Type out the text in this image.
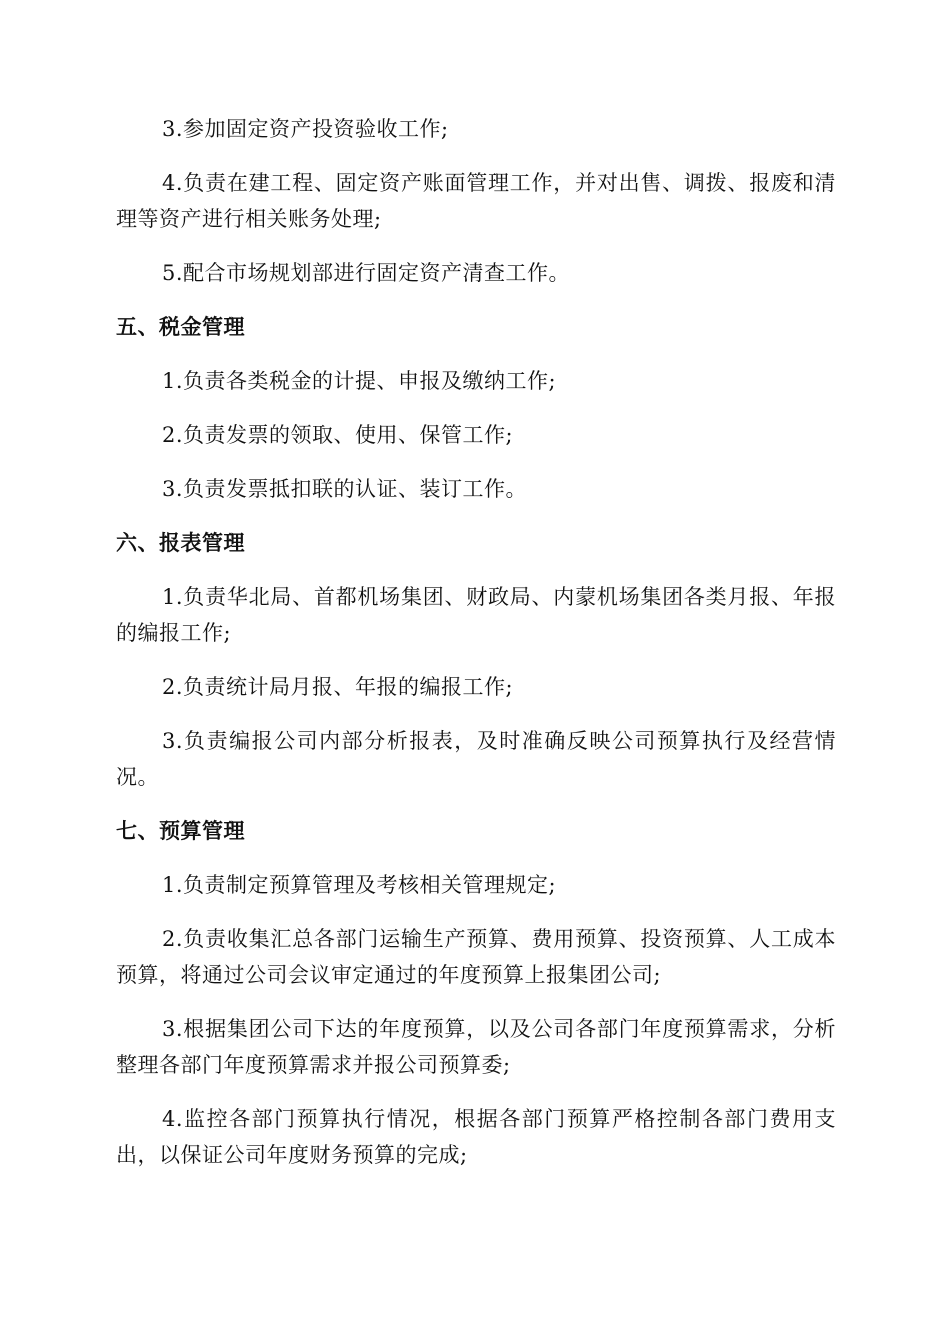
3.参加固定资产投资验收工作;

4.负责在建工程、固定资产账面管理工作，并对出售、调拨、报废和清理等资产进行相关账务处理;

5.配合市场规划部进行固定资产清查工作。

五、税金管理

1.负责各类税金的计提、申报及缴纳工作;

2.负责发票的领取、使用、保管工作;

3.负责发票抵扣联的认证、装订工作。

六、报表管理

1.负责华北局、首都机场集团、财政局、内蒙机场集团各类月报、年报的编报工作;

2.负责统计局月报、年报的编报工作;

3.负责编报公司内部分析报表，及时准确反映公司预算执行及经营情况。

七、预算管理

1.负责制定预算管理及考核相关管理规定;

2.负责收集汇总各部门运输生产预算、费用预算、投资预算、人工成本预算，将通过公司会议审定通过的年度预算上报集团公司;

3.根据集团公司下达的年度预算，以及公司各部门年度预算需求，分析整理各部门年度预算需求并报公司预算委;

4.监控各部门预算执行情况，根据各部门预算严格控制各部门费用支出，以保证公司年度财务预算的完成;
